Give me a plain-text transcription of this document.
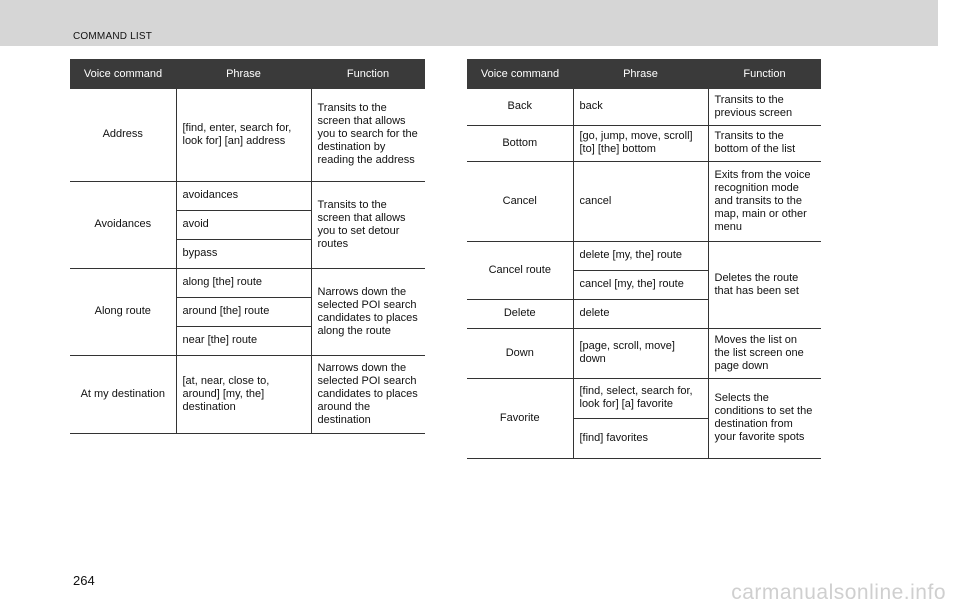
COMMAND LIST
Voice command	Phrase	Function
Address	[find, enter, search for, look for] [an] address	Transits to the screen that allows you to search for the destination by reading the address
Avoidances	avoidances	Transits to the screen that allows you to set detour routes
	avoid	
	bypass	
Along route	along [the] route	Narrows down the selected POI search candidates to places along the route
	around [the] route	
	near [the] route	
At my destination	[at, near, close to, around] [my, the] destination	Narrows down the selected POI search candidates to places around the destination
Voice command	Phrase	Function
Back	back	Transits to the previous screen
Bottom	[go, jump, move, scroll] [to] [the] bottom	Transits to the bottom of the list
Cancel	cancel	Exits from the voice recognition mode and transits to the map, main or other menu
Cancel route	delete [my, the] route	Deletes the route that has been set
	cancel [my, the] route	
Delete	delete	
Down	[page, scroll, move] down	Moves the list on the list screen one page down
Favorite	[find, select, search for, look for] [a] favorite	Selects the conditions to set the destination from your favorite spots
	[find] favorites	
264
carmanualsonline.info
